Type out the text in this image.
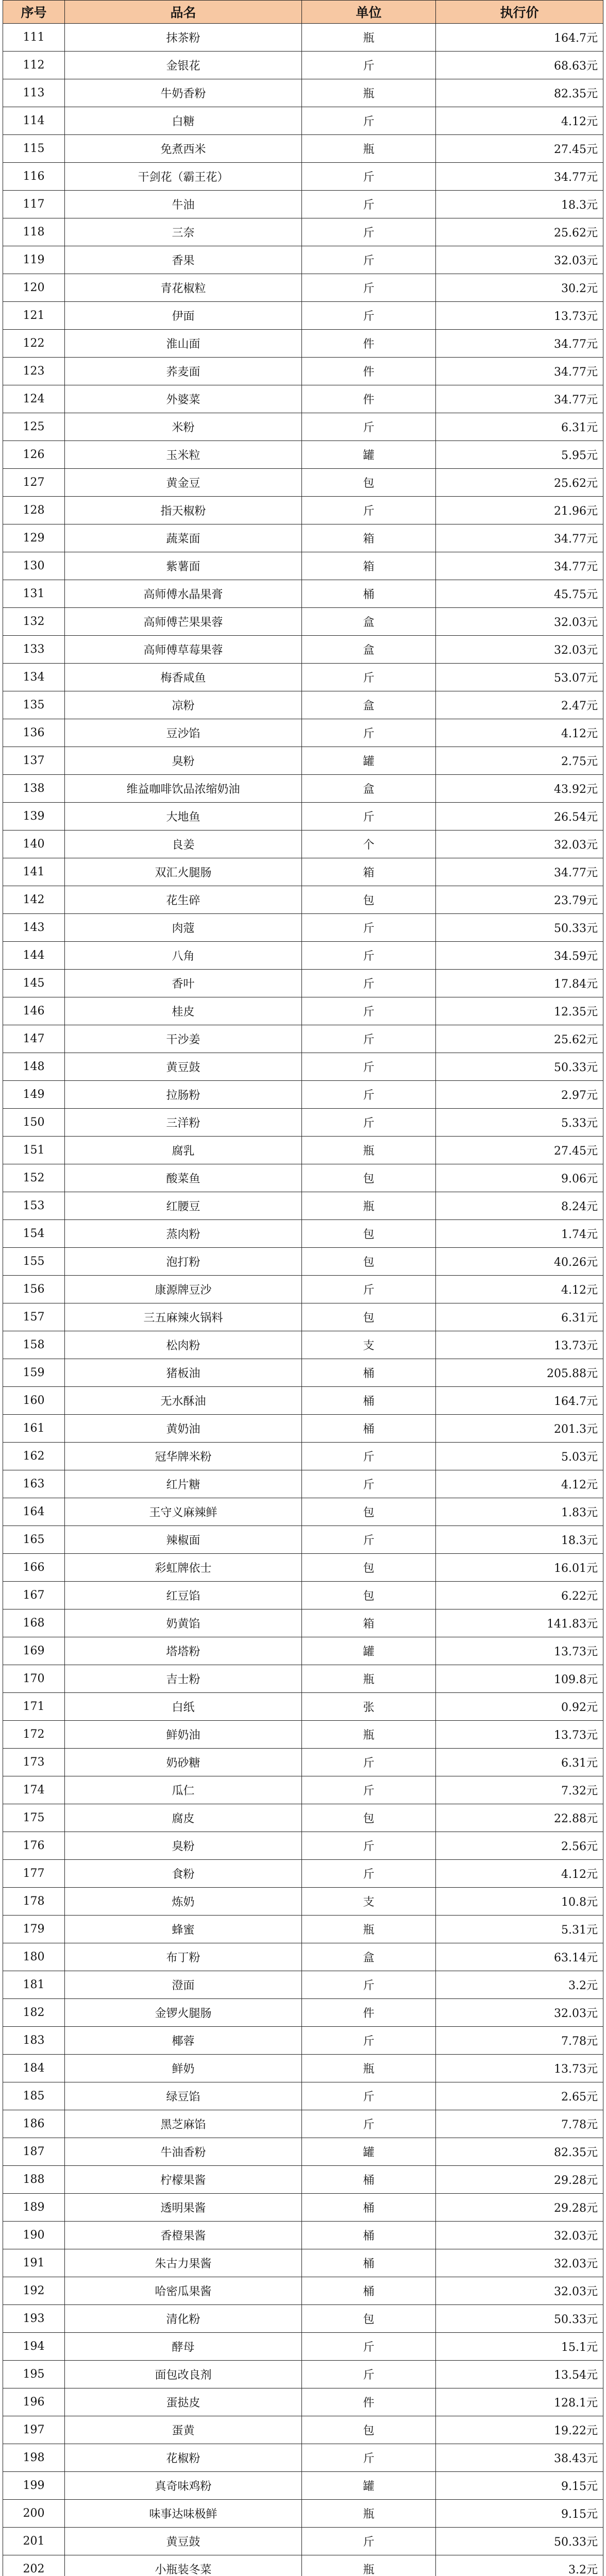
序号	品名	单位	执行价
111	抹茶粉	瓶	164.7元
112	金银花	斤	68.63元
113	牛奶香粉	瓶	82.35元
114	白糖	斤	4.12元
115	免煮西米	瓶	27.45元
116	干剑花（霸王花）	斤	34.77元
117	牛油	斤	18.3元
118	三奈	斤	25.62元
119	香果	斤	32.03元
120	青花椒粒	斤	30.2元
121	伊面	斤	13.73元
122	淮山面	件	34.77元
123	荞麦面	件	34.77元
124	外婆菜	件	34.77元
125	米粉	斤	6.31元
126	玉米粒	罐	5.95元
127	黄金豆	包	25.62元
128	指天椒粉	斤	21.96元
129	蔬菜面	箱	34.77元
130	紫薯面	箱	34.77元
131	高师傅水晶果膏	桶	45.75元
132	高师傅芒果果蓉	盒	32.03元
133	高师傅草莓果蓉	盒	32.03元
134	梅香咸鱼	斤	53.07元
135	凉粉	盒	2.47元
136	豆沙馅	斤	4.12元
137	臭粉	罐	2.75元
138	维益咖啡饮品浓缩奶油	盒	43.92元
139	大地鱼	斤	26.54元
140	良姜	个	32.03元
141	双汇火腿肠	箱	34.77元
142	花生碎	包	23.79元
143	肉蔻	斤	50.33元
144	八角	斤	34.59元
145	香叶	斤	17.84元
146	桂皮	斤	12.35元
147	干沙姜	斤	25.62元
148	黄豆鼓	斤	50.33元
149	拉肠粉	斤	2.97元
150	三洋粉	斤	5.33元
151	腐乳	瓶	27.45元
152	酸菜鱼	包	9.06元
153	红腰豆	瓶	8.24元
154	蒸肉粉	包	1.74元
155	泡打粉	包	40.26元
156	康源牌豆沙	斤	4.12元
157	三五麻辣火锅料	包	6.31元
158	松肉粉	支	13.73元
159	猪板油	桶	205.88元
160	无水酥油	桶	164.7元
161	黄奶油	桶	201.3元
162	冠华牌米粉	斤	5.03元
163	红片糖	斤	4.12元
164	王守义麻辣鲜	包	1.83元
165	辣椒面	斤	18.3元
166	彩虹牌依士	包	16.01元
167	红豆馅	包	6.22元
168	奶黄馅	箱	141.83元
169	塔塔粉	罐	13.73元
170	吉士粉	瓶	109.8元
171	白纸	张	0.92元
172	鲜奶油	瓶	13.73元
173	奶砂糖	斤	6.31元
174	瓜仁	斤	7.32元
175	腐皮	包	22.88元
176	臭粉	斤	2.56元
177	食粉	斤	4.12元
178	炼奶	支	10.8元
179	蜂蜜	瓶	5.31元
180	布丁粉	盒	63.14元
181	澄面	斤	3.2元
182	金锣火腿肠	件	32.03元
183	椰蓉	斤	7.78元
184	鲜奶	瓶	13.73元
185	绿豆馅	斤	2.65元
186	黑芝麻馅	斤	7.78元
187	牛油香粉	罐	82.35元
188	柠檬果酱	桶	29.28元
189	透明果酱	桶	29.28元
190	香橙果酱	桶	32.03元
191	朱古力果酱	桶	32.03元
192	哈密瓜果酱	桶	32.03元
193	清化粉	包	50.33元
194	酵母	斤	15.1元
195	面包改良剂	斤	13.54元
196	蛋挞皮	件	128.1元
197	蛋黄	包	19.22元
198	花椒粉	斤	38.43元
199	真奇味鸡粉	罐	9.15元
200	味事达味极鲜	瓶	9.15元
201	黄豆鼓	斤	50.33元
202	小瓶装冬菜	瓶	3.2元
